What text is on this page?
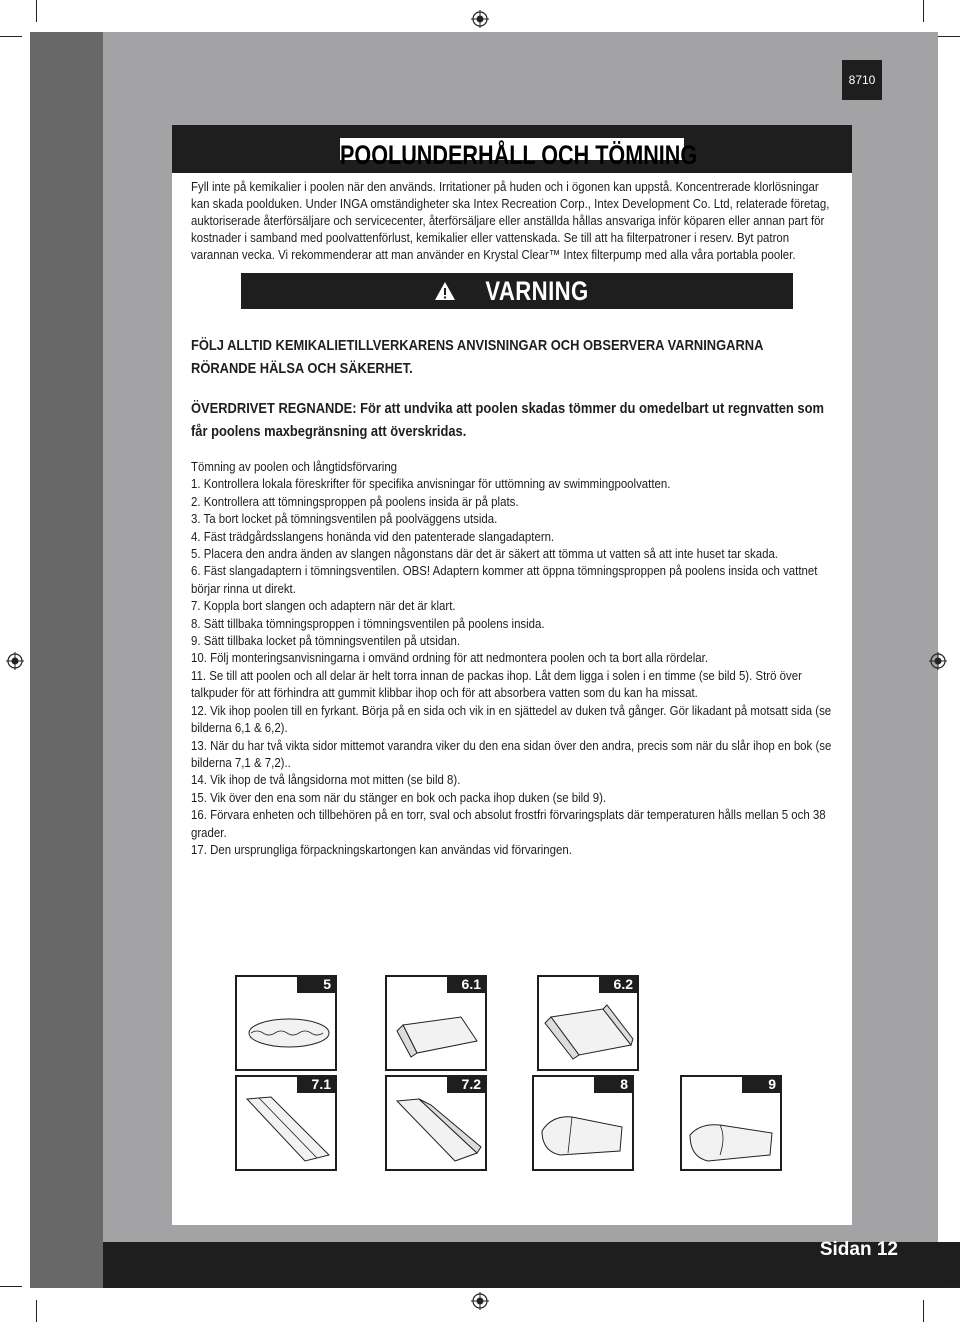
Sidan 12
8710
POOLUNDERHÅLL OCH TÖMNING
Fyll inte på kemikalier i poolen när den används. Irritationer på huden och i ögonen kan uppstå. Koncentrerade klorlösningar kan skada poolduken. Under INGA omständigheter ska Intex Recreation Corp., Intex Development Co. Ltd, relaterade företag, auktoriserade återförsäljare och servicecenter, återförsäljare eller anställda hållas ansvariga inför köparen eller annan part för kostnader i samband med poolvattenförlust, kemikalier eller vattenskada. Se till att ha filterpatroner i reserv. Byt patron varannan vecka. Vi rekommenderar att man använder en Krystal Clear™ Intex filterpump med alla våra portabla pooler.
VARNING
FÖLJ ALLTID KEMIKALIETILLVERKARENS ANVISNINGAR OCH OBSERVERA VARNINGARNA RÖRANDE HÄLSA OCH SÄKERHET.
ÖVERDRIVET REGNANDE: För att undvika att poolen skadas tömmer du omedelbart ut regnvatten som får poolens maxbegränsning att överskridas.
Tömning av poolen och långtidsförvaring
1. Kontrollera lokala föreskrifter för specifika anvisningar för uttömning av swimmingpoolvatten.
2. Kontrollera att tömningsproppen på poolens insida är på plats.
3. Ta bort locket på tömningsventilen på poolväggens utsida.
4. Fäst trädgårdsslangens honända vid den patenterade slangadaptern.
5. Placera den andra änden av slangen någonstans där det är säkert att tömma ut vatten så att inte huset tar skada.
6. Fäst slangadaptern i tömningsventilen. OBS! Adaptern kommer att öppna tömningsproppen på poolens insida och vattnet börjar rinna ut direkt.
7. Koppla bort slangen och adaptern när det är klart.
8. Sätt tillbaka tömningsproppen i tömningsventilen på poolens insida.
9. Sätt tillbaka locket på tömningsventilen på utsidan.
10. Följ monteringsanvisningarna i omvänd ordning för att nedmontera poolen och ta bort alla rördelar.
11. Se till att poolen och all delar är helt torra innan de packas ihop. Låt dem ligga i solen i en timme (se bild 5). Strö över talkpuder för att förhindra att gummit klibbar ihop och för att absorbera vatten som du kan ha missat.
12. Vik ihop poolen till en fyrkant. Börja på en sida och vik in en sjättedel av duken två gånger. Gör likadant på motsatt sida (se bilderna 6,1 & 6,2).
13. När du har två vikta sidor mittemot varandra viker du den ena sidan över den andra, precis som när du slår ihop en bok (se bilderna 7,1 & 7,2)..
14. Vik ihop de två långsidorna mot mitten (se bild 8).
15. Vik över den ena som när du stänger en bok och packa ihop duken (se bild 9).
16. Förvara enheten och tillbehören på en torr, sval och absolut frostfri förvaringsplats där temperaturen hålls mellan 5 och 38 grader.
17. Den ursprungliga förpackningskartongen kan användas vid förvaringen.
5	6.1	6.2
7.1	7.2	8	9
